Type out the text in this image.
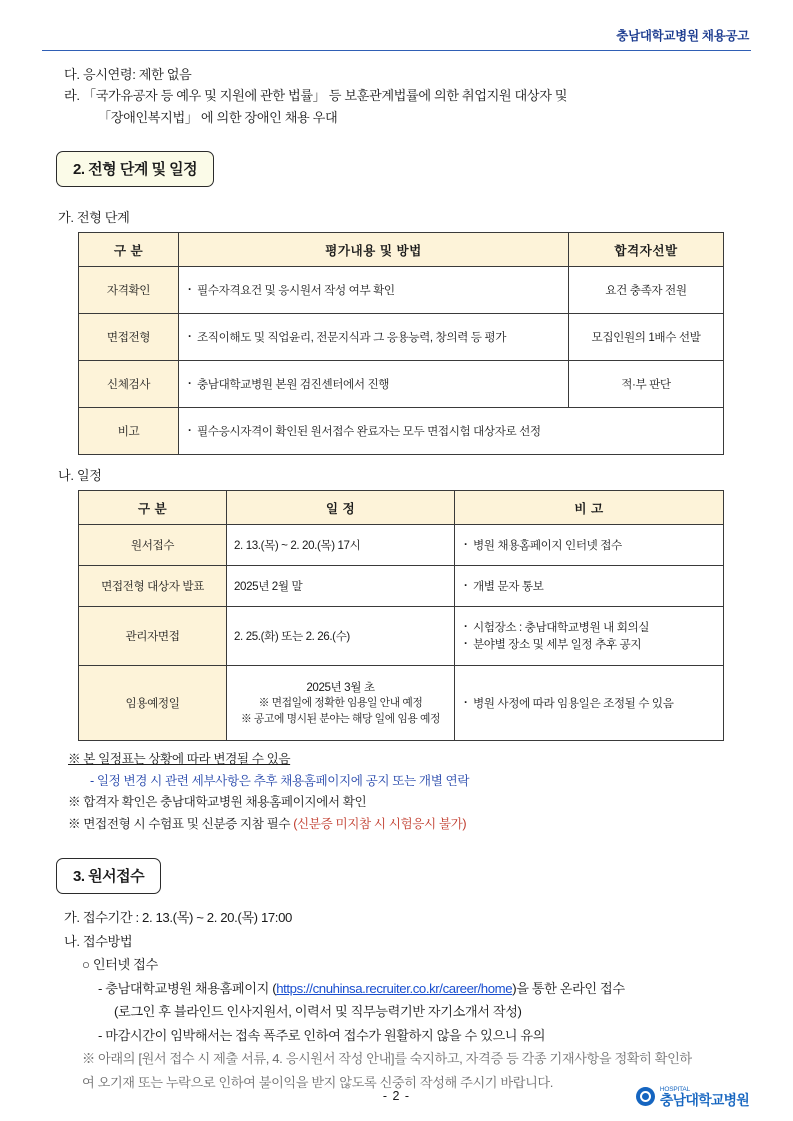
충남대학교병원 채용공고
다. 응시연령: 제한 없음
라. 「국가유공자 등 예우 및 지원에 관한 법률」 등 보훈관계법률에 의한 취업지원 대상자 및
「장애인복지법」 에 의한 장애인 채용 우대
2. 전형 단계 및 일정
가. 전형 단계
구 분	평가내용 및 방법	합격자선발
자격확인	· 필수자격요건 및 응시원서 작성 여부 확인	요건 충족자 전원
면접전형	· 조직이해도 및 직업윤리, 전문지식과 그 응용능력, 창의력 등 평가	모집인원의 1배수 선발
신체검사	· 충남대학교병원 본원 검진센터에서 진행	적·부 판단
비고	· 필수응시자격이 확인된 원서접수 완료자는 모두 면접시험 대상자로 선정
나. 일정
구 분	일 정	비 고
원서접수	2. 13.(목) ~ 2. 20.(목) 17시	· 병원 채용홈페이지 인터넷 접수

면접전형 대상자 발표	2025년 2월 말	· 개별 문자 통보

관리자면접	2. 25.(화) 또는 2. 26.(수)	· 시험장소 : 충남대학교병원 내 회의실
· 분야별 장소 및 세부 일정 추후 공지

임용예정일	2025년 3월 초
※ 면접일에 정확한 임용일 안내 예정
※ 공고에 명시된 분야는 해당 일에 임용 예정	· 병원 사정에 따라 임용일은 조정될 수 있음
※ 본 일정표는 상황에 따라 변경될 수 있음
- 일정 변경 시 관련 세부사항은 추후 채용홈페이지에 공지 또는 개별 연락
※ 합격자 확인은 충남대학교병원 채용홈페이지에서 확인
※ 면접전형 시 수험표 및 신분증 지참 필수 (신분증 미지참 시 시험응시 불가)
3. 원서접수
가. 접수기간 : 2. 13.(목) ~ 2. 20.(목) 17:00
나. 접수방법
○ 인터넷 접수
- 충남대학교병원 채용홈페이지 (https://cnuhinsa.recruiter.co.kr/career/home)을 통한 온라인 접수
(로그인 후 블라인드 인사지원서, 이력서 및 직무능력기반 자기소개서 작성)
- 마감시간이 임박해서는 접속 폭주로 인하여 접수가 원활하지 않을 수 있으니 유의
※ 아래의 [원서 접수 시 제출 서류, 4. 응시원서 작성 안내]를 숙지하고, 자격증 등 각종 기재사항을 정확히 확인하
여 오기재 또는 누락으로 인하여 불이익을 받지 않도록 신중히 작성해 주시기 바랍니다.
- 2 -	HOSPITAL
충남대학교병원
